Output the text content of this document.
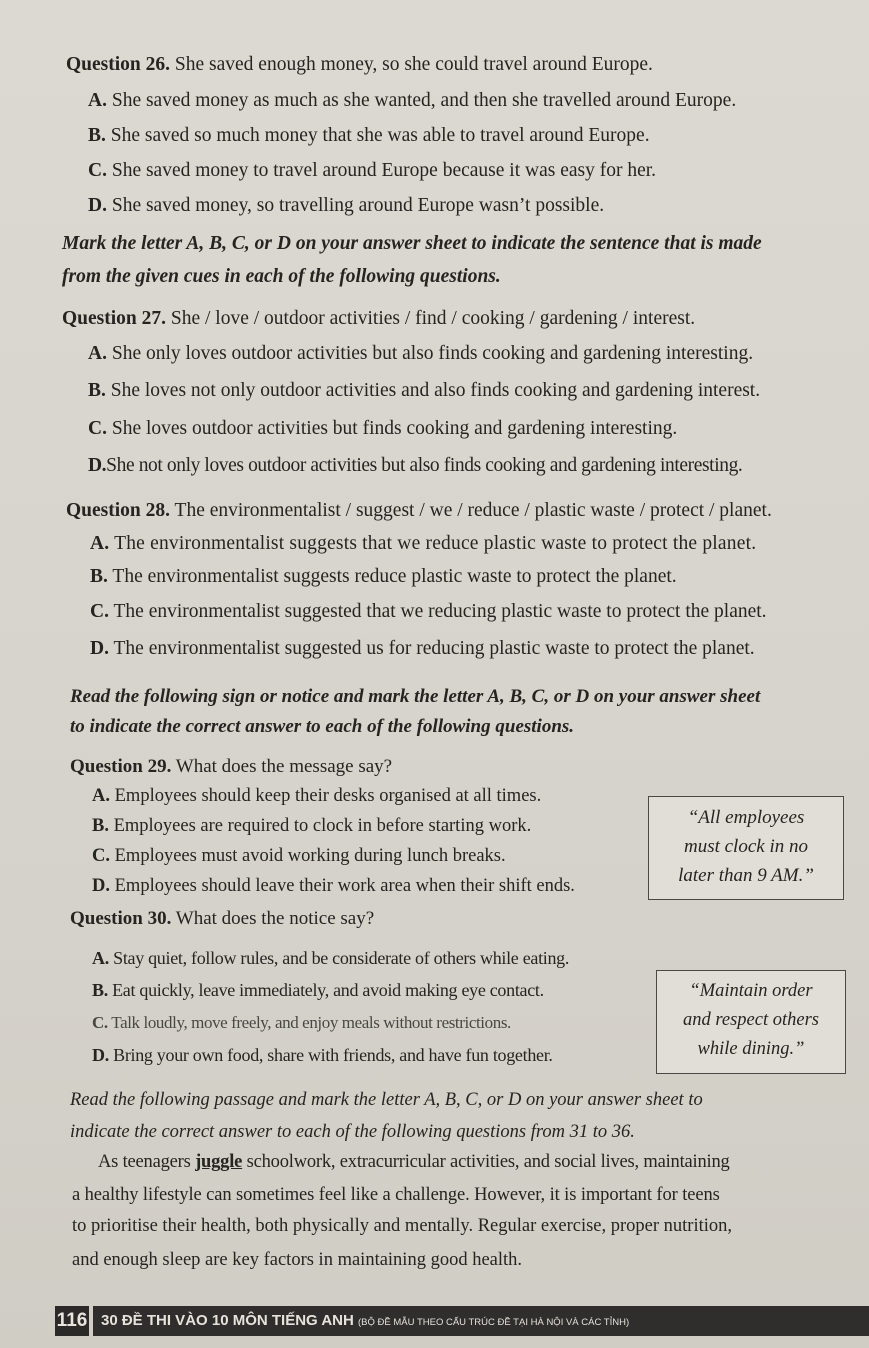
Question 26. She saved enough money, so she could travel around Europe.
A. She saved money as much as she wanted, and then she travelled around Europe.
B. She saved so much money that she was able to travel around Europe.
C. She saved money to travel around Europe because it was easy for her.
D. She saved money, so travelling around Europe wasn’t possible.
Mark the letter A, B, C, or D on your answer sheet to indicate the sentence that is made
from the given cues in each of the following questions.
Question 27. She / love / outdoor activities / find / cooking / gardening / interest.
A. She only loves outdoor activities but also finds cooking and gardening interesting.
B. She loves not only outdoor activities and also finds cooking and gardening interest.
C. She loves outdoor activities but finds cooking and gardening interesting.
D.She not only loves outdoor activities but also finds cooking and gardening interesting.
Question 28. The environmentalist / suggest / we / reduce / plastic waste / protect / planet.
A. The environmentalist suggests that we reduce plastic waste to protect the planet.
B. The environmentalist suggests reduce plastic waste to protect the planet.
C. The environmentalist suggested that we reducing plastic waste to protect the planet.
D. The environmentalist suggested us for reducing plastic waste to protect the planet.
Read the following sign or notice and mark the letter A, B, C, or D on your answer sheet
to indicate the correct answer to each of the following questions.
Question 29. What does the message say?
A. Employees should keep their desks organised at all times.
B. Employees are required to clock in before starting work.
C. Employees must avoid working during lunch breaks.
D. Employees should leave their work area when their shift ends.
“All employees
must clock in no
later than 9 AM.”
Question 30. What does the notice say?
A. Stay quiet, follow rules, and be considerate of others while eating.
B. Eat quickly, leave immediately, and avoid making eye contact.
C. Talk loudly, move freely, and enjoy meals without restrictions.
D. Bring your own food, share with friends, and have fun together.
“Maintain order
and respect others
while dining.”
Read the following passage and mark the letter A, B, C, or D on your answer sheet to
indicate the correct answer to each of the following questions from 31 to 36.
As teenagers juggle schoolwork, extracurricular activities, and social lives, maintaining
a healthy lifestyle can sometimes feel like a challenge. However, it is important for teens
to prioritise their health, both physically and mentally. Regular exercise, proper nutrition,
and enough sleep are key factors in maintaining good health.
116 30 ĐỀ THI VÀO 10 MÔN TIẾNG ANH (BỘ ĐỀ MẪU THEO CẤU TRÚC ĐỀ TẠI HÀ NỘI VÀ CÁC TỈNH)
